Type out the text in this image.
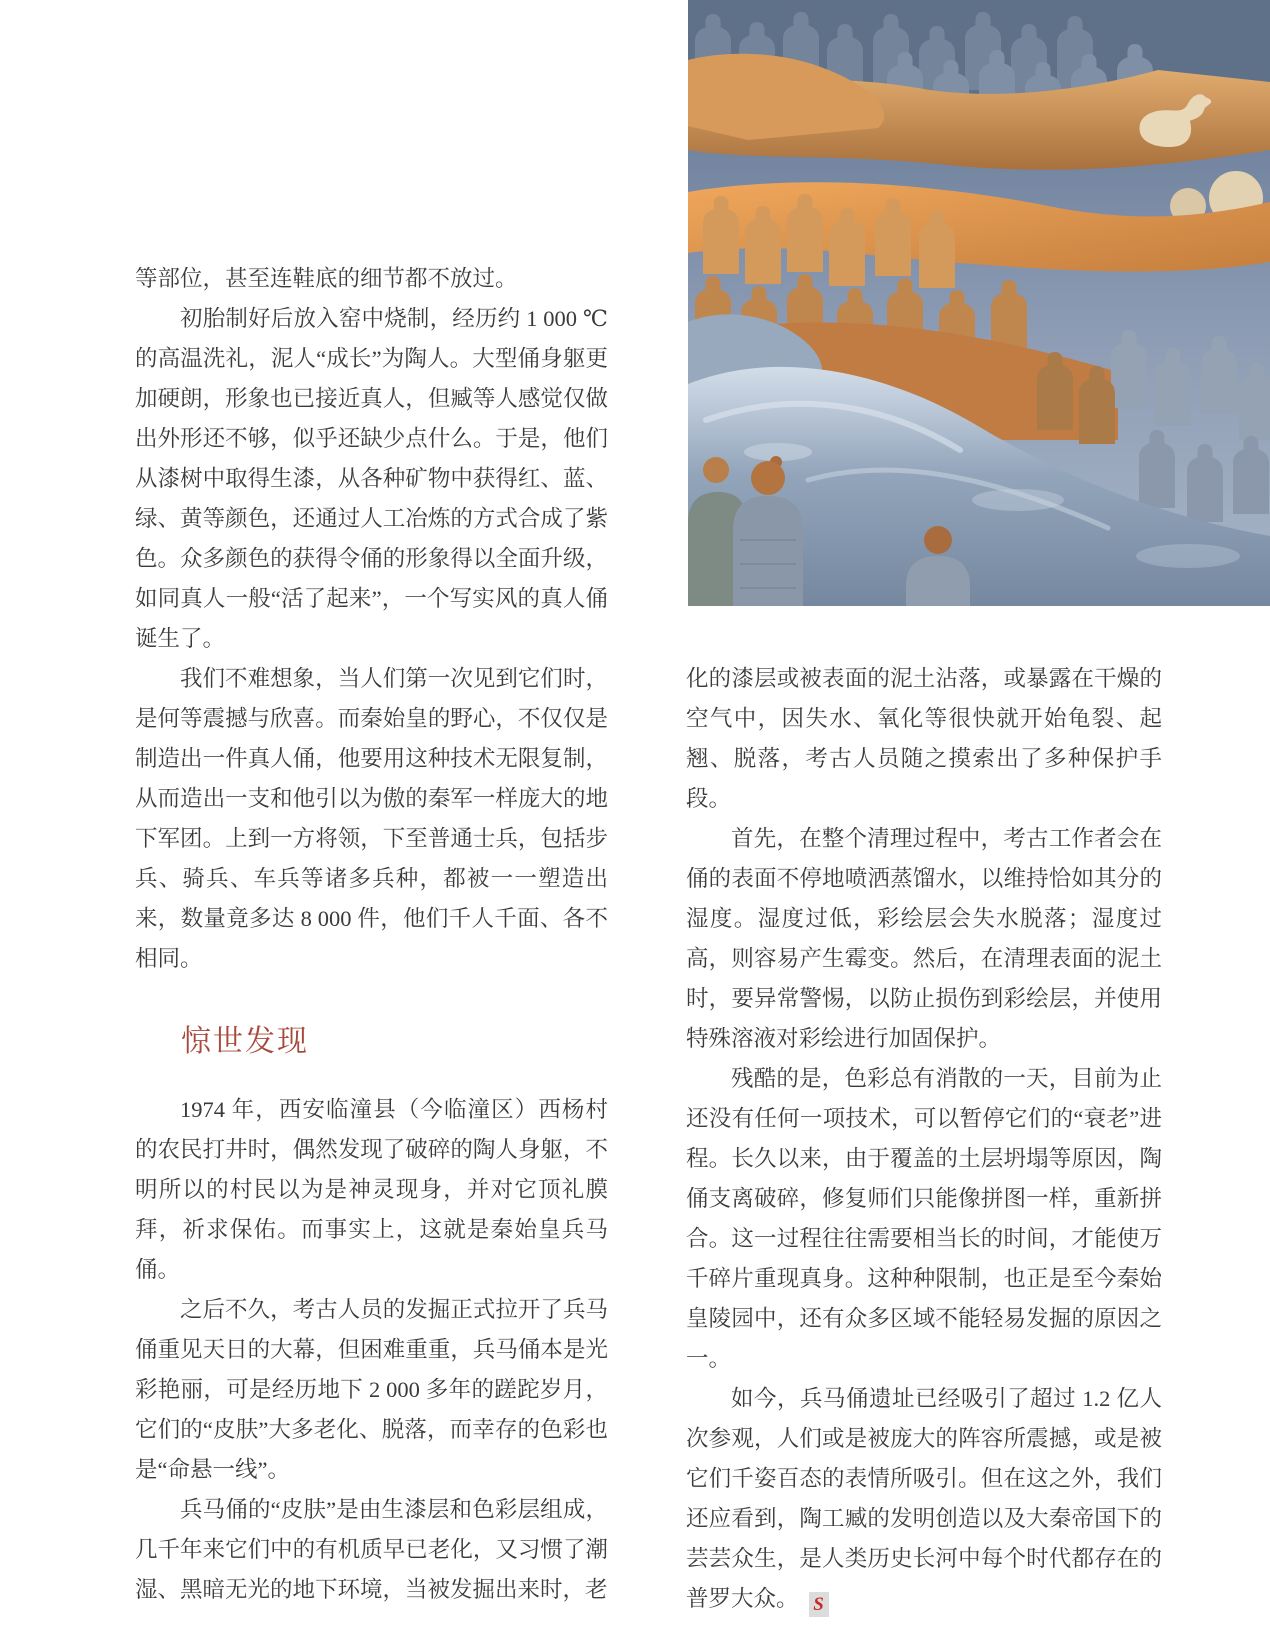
等部位，甚至连鞋底的细节都不放过。

初胎制好后放入窑中烧制，经历约 1 000 ℃的高温洗礼，泥人“成长”为陶人。大型俑身躯更加硬朗，形象也已接近真人，但臧等人感觉仅做出外形还不够，似乎还缺少点什么。于是，他们从漆树中取得生漆，从各种矿物中获得红、蓝、绿、黄等颜色，还通过人工冶炼的方式合成了紫色。众多颜色的获得令俑的形象得以全面升级，如同真人一般“活了起来”，一个写实风的真人俑诞生了。

我们不难想象，当人们第一次见到它们时，是何等震撼与欣喜。而秦始皇的野心，不仅仅是制造出一件真人俑，他要用这种技术无限复制，从而造出一支和他引以为傲的秦军一样庞大的地下军团。上到一方将领，下至普通士兵，包括步兵、骑兵、车兵等诸多兵种，都被一一塑造出来，数量竟多达 8 000 件，他们千人千面、各不相同。

惊世发现

1974 年，西安临潼县（今临潼区）西杨村的农民打井时，偶然发现了破碎的陶人身躯，不明所以的村民以为是神灵现身，并对它顶礼膜拜，祈求保佑。而事实上，这就是秦始皇兵马俑。

之后不久，考古人员的发掘正式拉开了兵马俑重见天日的大幕，但困难重重，兵马俑本是光彩艳丽，可是经历地下 2 000 多年的蹉跎岁月，它们的“皮肤”大多老化、脱落，而幸存的色彩也是“命悬一线”。

兵马俑的“皮肤”是由生漆层和色彩层组成，几千年来它们中的有机质早已老化，又习惯了潮湿、黑暗无光的地下环境，当被发掘出来时，老

化的漆层或被表面的泥土沾落，或暴露在干燥的空气中，因失水、氧化等很快就开始龟裂、起翘、脱落，考古人员随之摸索出了多种保护手段。

首先，在整个清理过程中，考古工作者会在俑的表面不停地喷洒蒸馏水，以维持恰如其分的湿度。湿度过低，彩绘层会失水脱落；湿度过高，则容易产生霉变。然后，在清理表面的泥土时，要异常警惕，以防止损伤到彩绘层，并使用特殊溶液对彩绘进行加固保护。

残酷的是，色彩总有消散的一天，目前为止还没有任何一项技术，可以暂停它们的“衰老”进程。长久以来，由于覆盖的土层坍塌等原因，陶俑支离破碎，修复师们只能像拼图一样，重新拼合。这一过程往往需要相当长的时间，才能使万千碎片重现真身。这种种限制，也正是至今秦始皇陵园中，还有众多区域不能轻易发掘的原因之一。

如今，兵马俑遗址已经吸引了超过 1.2 亿人次参观，人们或是被庞大的阵容所震撼，或是被它们千姿百态的表情所吸引。但在这之外，我们还应看到，陶工臧的发明创造以及大秦帝国下的芸芸众生，是人类历史长河中每个时代都存在的普罗大众。 S
